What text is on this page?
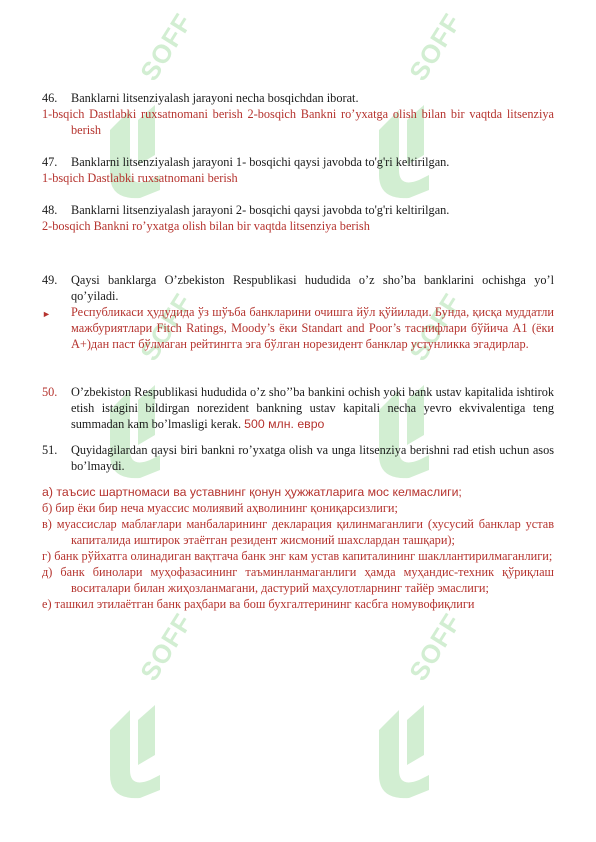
SOFF	SOFF
SOFF	SOFF
SOFF	SOFF
46.	Banklarni litsenziyalash jarayoni necha bosqichdan iborat.
1-bsqich Dastlabki ruxsatnomani berish 2-bosqich Bankni ro’yxatga olish bilan bir vaqtda litsenziya berish
47.	Banklarni litsenziyalash jarayoni 1- bosqichi qaysi javobda to'g'ri keltirilgan.
1-bsqich Dastlabki ruxsatnomani berish
48.	Banklarni litsenziyalash jarayoni 2- bosqichi qaysi javobda to'g'ri keltirilgan.
2-bosqich Bankni ro’yxatga olish bilan bir vaqtda litsenziya berish
49.	Qaysi banklarga O’zbekiston Respublikasi hududida o’z sho’ba banklarini ochishga yo’l qo’yiladi.
►	Республикаси ҳудудида ўз шўъба банкларини очишга йўл қўйилади. Бунда, қисқа муддатли мажбуриятлари Fitch Ratings, Moody’s ёки Standart and Poor’s таснифлари бўйича А1 (ёки А+)дан паст бўлмаган рейтингга эга бўлган норезидент банклар устунликка эгадирлар.
50.	O’zbekiston Respublikasi hududida o’z sho’’ba bankini ochish yoki bank ustav kapitalida ishtirok etish istagini bildirgan norezident bankning ustav kapitali necha yevro ekvivalentiga teng summadan kam bo’lmasligi kerak. 500 млн. евро
51.	Quyidagilardan qaysi biri bankni ro’yxatga olish va unga litsenziya berishni rad etish uchun asos bo’lmaydi.
а) таъсис шартномаси ва уставнинг қонун ҳужжатларига мос келмаслиги;
б) бир ёки бир неча муассис молиявий аҳволининг қониқарсизлиги;
в) муассислар маблағлари манбаларининг декларация қилинмаганлиги (хусусий банклар устав капиталида иштирок этаётган резидент жисмоний шахслардан ташқари);
г) банк рўйхатга олинадиган вақтгача банк энг кам устав капиталининг шакллантирилмаганлиги;
д) банк бинолари муҳофазасининг таъминланмаганлиги ҳамда муҳандис-техник қўриқлаш воситалари билан жиҳозланмагани, дастурий маҳсулотларнинг тайёр эмаслиги;
е) ташкил этилаётган банк раҳбари ва бош бухгалтерининг касбга номувофиқлиги
